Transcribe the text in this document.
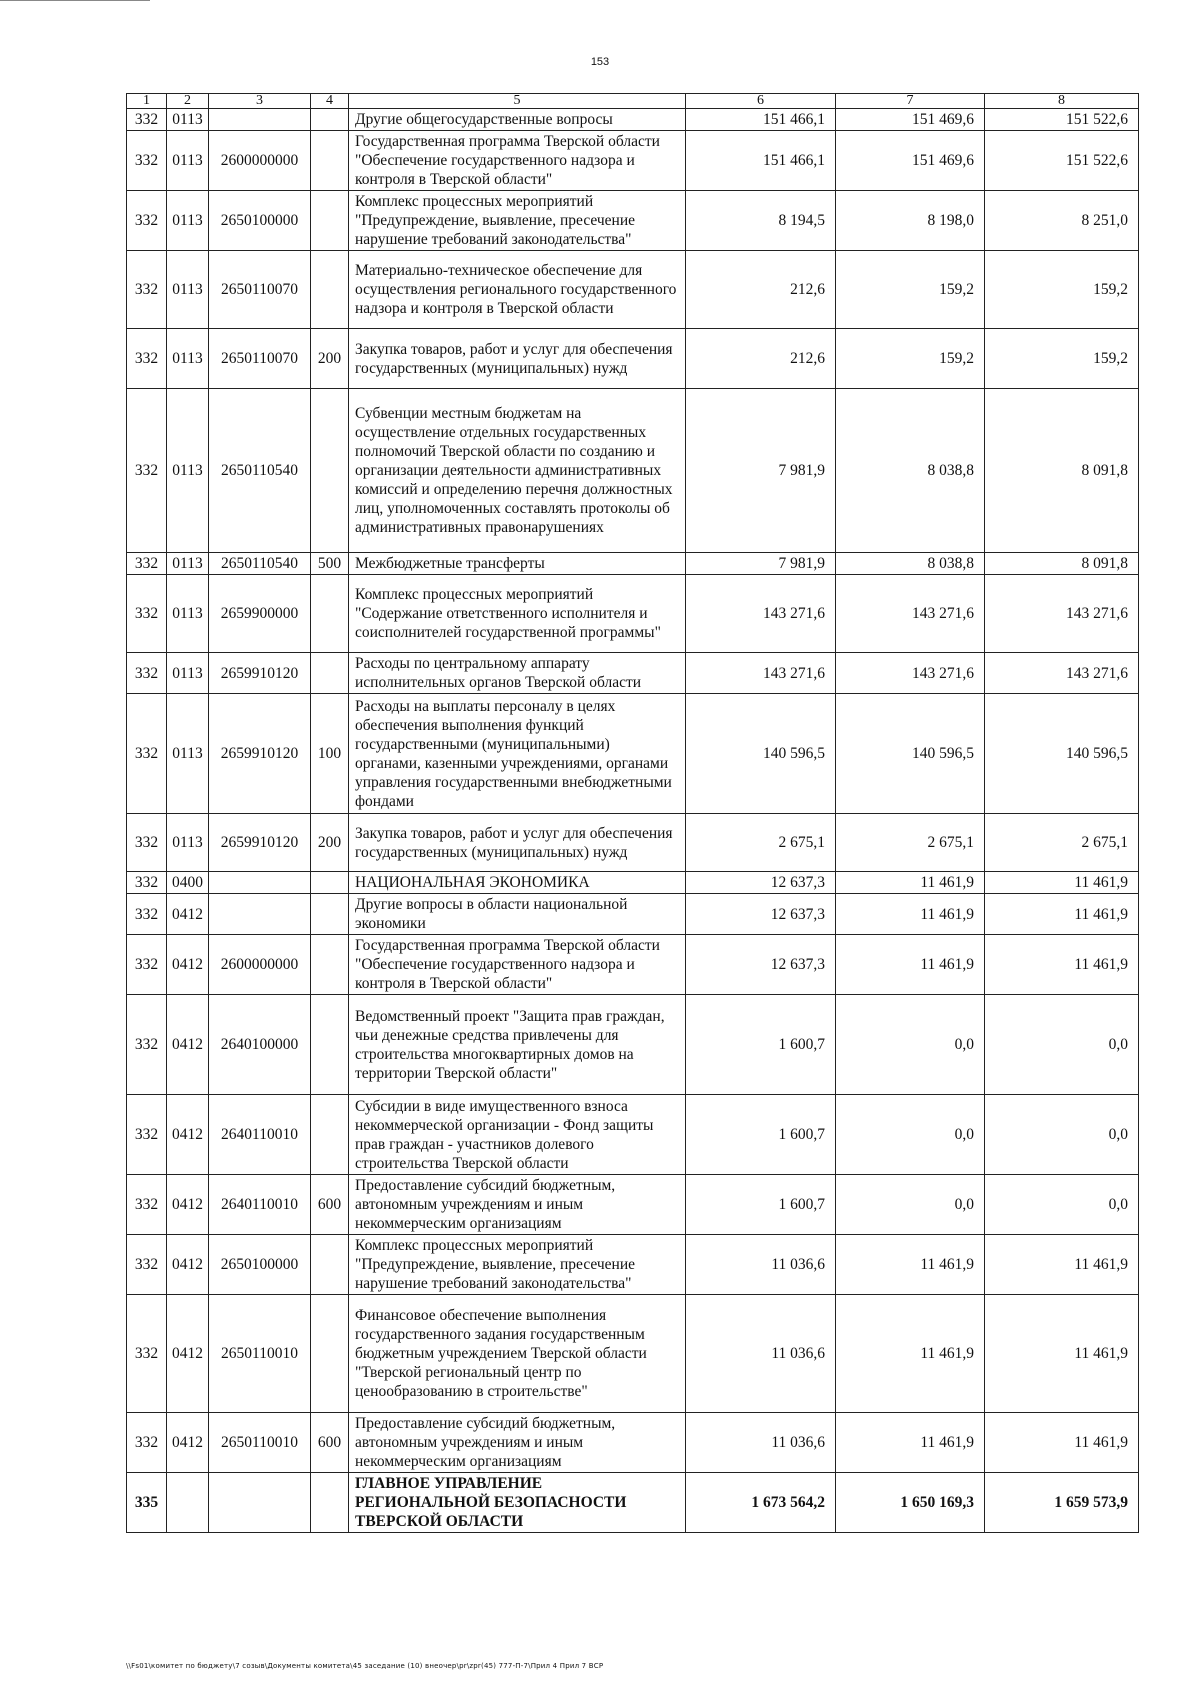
153
1	2	3	4	5	6	7	8
332	0113			Другие общегосударственные вопросы	151 466,1	151 469,6	151 522,6
332	0113	2600000000		Государственная программа Тверской области "Обеспечение государственного надзора и контроля в Тверской области"	151 466,1	151 469,6	151 522,6
332	0113	2650100000		Комплекс процессных мероприятий "Предупреждение, выявление, пресечение нарушение требований законодательства"	8 194,5	8 198,0	8 251,0
332	0113	2650110070		Материально-техническое обеспечение для осуществления регионального государственного надзора и контроля в Тверской области	212,6	159,2	159,2
332	0113	2650110070	200	Закупка товаров, работ и услуг для обеспечения государственных (муниципальных) нужд	212,6	159,2	159,2
332	0113	2650110540		Субвенции местным бюджетам на осуществление отдельных государственных полномочий Тверской области по созданию и организации деятельности административных комиссий и определению перечня должностных лиц, уполномоченных составлять протоколы об административных правонарушениях	7 981,9	8 038,8	8 091,8
332	0113	2650110540	500	Межбюджетные трансферты	7 981,9	8 038,8	8 091,8
332	0113	2659900000		Комплекс процессных мероприятий "Содержание ответственного исполнителя и соисполнителей государственной программы"	143 271,6	143 271,6	143 271,6
332	0113	2659910120		Расходы по центральному аппарату исполнительных органов Тверской области	143 271,6	143 271,6	143 271,6
332	0113	2659910120	100	Расходы на выплаты персоналу в целях обеспечения выполнения функций государственными (муниципальными) органами, казенными учреждениями, органами управления государственными внебюджетными фондами	140 596,5	140 596,5	140 596,5
332	0113	2659910120	200	Закупка товаров, работ и услуг для обеспечения государственных (муниципальных) нужд	2 675,1	2 675,1	2 675,1
332	0400			НАЦИОНАЛЬНАЯ ЭКОНОМИКА	12 637,3	11 461,9	11 461,9
332	0412			Другие вопросы в области национальной экономики	12 637,3	11 461,9	11 461,9
332	0412	2600000000		Государственная программа Тверской области "Обеспечение государственного надзора и контроля в Тверской области"	12 637,3	11 461,9	11 461,9
332	0412	2640100000		Ведомственный проект "Защита прав граждан, чьи денежные средства привлечены для строительства многоквартирных домов на территории Тверской области"	1 600,7	0,0	0,0
332	0412	2640110010		Субсидии в виде имущественного взноса некоммерческой организации - Фонд защиты прав граждан - участников долевого строительства Тверской области	1 600,7	0,0	0,0
332	0412	2640110010	600	Предоставление субсидий бюджетным, автономным учреждениям и иным некоммерческим организациям	1 600,7	0,0	0,0
332	0412	2650100000		Комплекс процессных мероприятий "Предупреждение, выявление, пресечение нарушение требований законодательства"	11 036,6	11 461,9	11 461,9
332	0412	2650110010		Финансовое обеспечение выполнения государственного задания государственным бюджетным учреждением Тверской области "Тверской региональный центр по ценообразованию в строительстве"	11 036,6	11 461,9	11 461,9
332	0412	2650110010	600	Предоставление субсидий бюджетным, автономным учреждениям и иным некоммерческим организациям	11 036,6	11 461,9	11 461,9
335				ГЛАВНОЕ УПРАВЛЕНИЕ РЕГИОНАЛЬНОЙ БЕЗОПАСНОСТИ ТВЕРСКОЙ ОБЛАСТИ	1 673 564,2	1 650 169,3	1 659 573,9
\\Fs01\комитет по бюджету\7 созыв\Документы комитета\45 заседание (10) внеочер\pr\zpr(45) 777-П-7\Прил 4 Прил 7 ВСР
